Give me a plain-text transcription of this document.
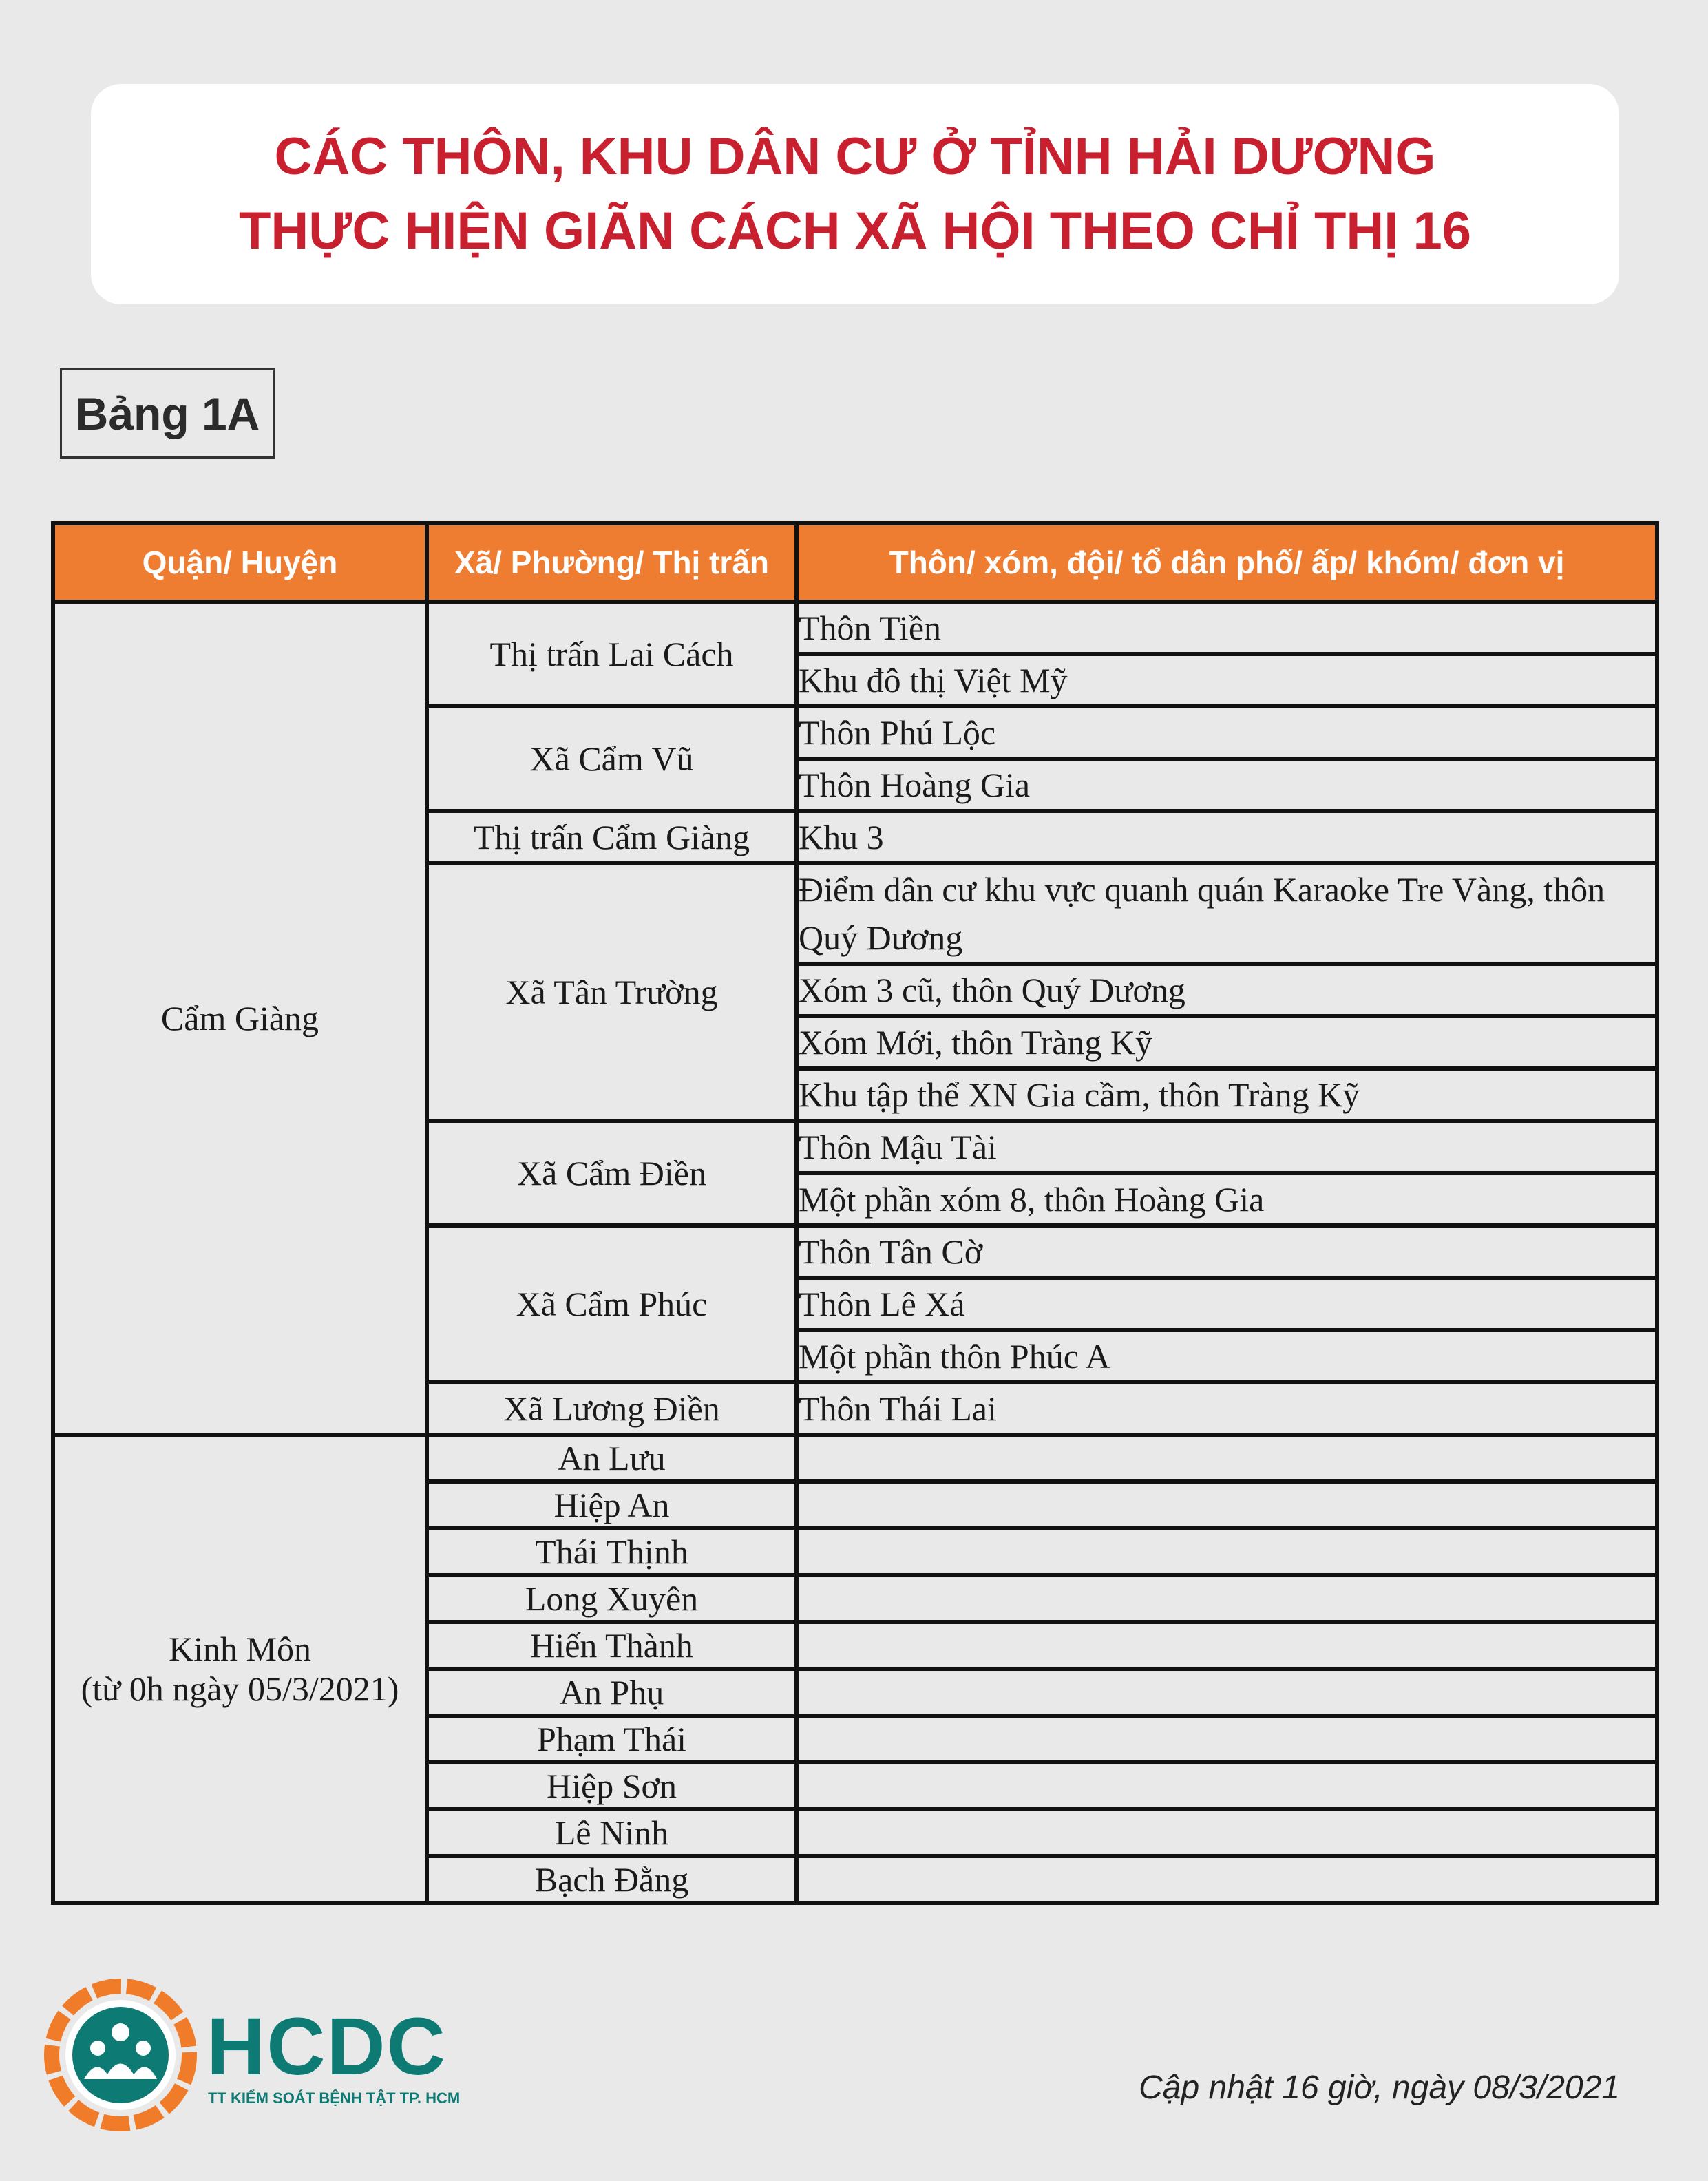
CÁC THÔN, KHU DÂN CƯ Ở TỈNH HẢI DƯƠNG
THỰC HIỆN GIÃN CÁCH XÃ HỘI THEO CHỈ THỊ 16
Bảng 1A
Quận/ Huyện	Xã/ Phường/ Thị trấn	Thôn/ xóm, đội/ tổ dân phố/ ấp/ khóm/ đơn vị

Cẩm Giàng	Thị trấn Lai Cách	Thôn Tiền
		Khu đô thị Việt Mỹ
	Xã Cẩm Vũ	Thôn Phú Lộc
		Thôn Hoàng Gia
	Thị trấn Cẩm Giàng	Khu 3
	Xã Tân Trường	Điểm dân cư khu vực quanh quán Karaoke Tre Vàng, thôn Quý Dương
		Xóm 3 cũ, thôn Quý Dương
		Xóm Mới, thôn Tràng Kỹ
		Khu tập thể XN Gia cầm, thôn Tràng Kỹ
	Xã Cẩm Điền	Thôn Mậu Tài
		Một phần xóm 8, thôn Hoàng Gia
	Xã Cẩm Phúc	Thôn Tân Cờ
		Thôn Lê Xá
		Một phần thôn Phúc A
	Xã Lương Điền	Thôn Thái Lai

Kinh Môn
(từ 0h ngày 05/3/2021)	An Lưu	
	Hiệp An	
	Thái Thịnh	
	Long Xuyên	
	Hiến Thành	
	An Phụ	
	Phạm Thái	
	Hiệp Sơn	
	Lê Ninh	
	Bạch Đằng	
HCDC
TT KIỂM SOÁT BỆNH TẬT TP. HCM	Cập nhật 16 giờ, ngày 08/3/2021
